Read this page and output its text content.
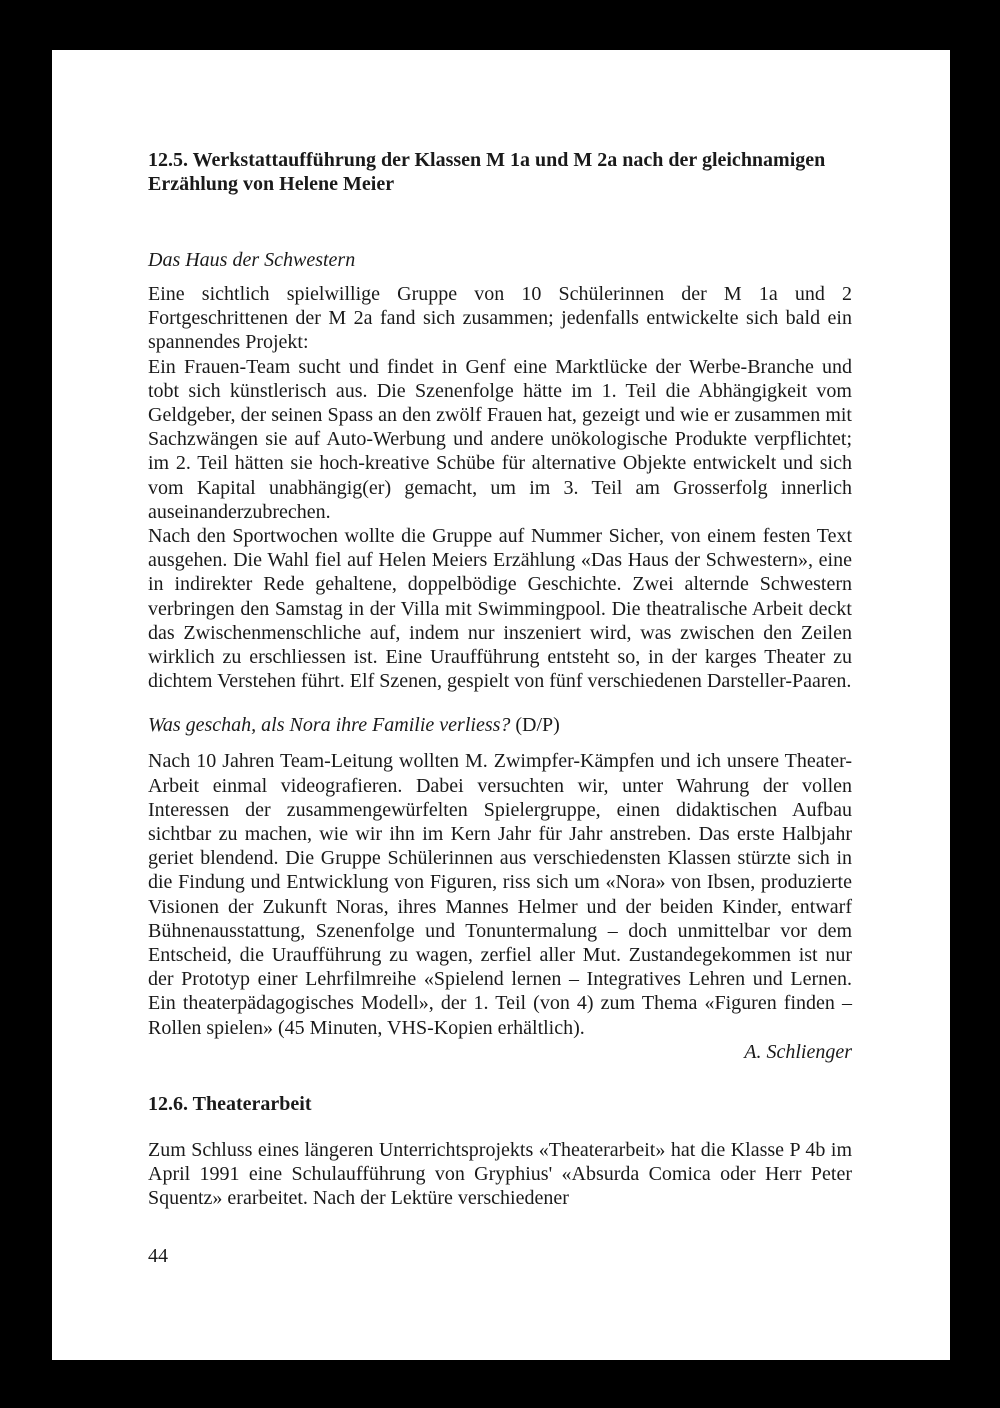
12.5. Werkstattaufführung der Klassen M 1a und M 2a nach der gleichnamigen Erzählung von Helene Meier

Das Haus der Schwestern

Eine sichtlich spielwillige Gruppe von 10 Schülerinnen der M 1a und 2 Fortgeschrittenen der M 2a fand sich zusammen; jedenfalls entwickelte sich bald ein spannendes Projekt:

Ein Frauen-Team sucht und findet in Genf eine Marktlücke der Werbe-Branche und tobt sich künstlerisch aus. Die Szenenfolge hätte im 1. Teil die Abhängigkeit vom Geldgeber, der seinen Spass an den zwölf Frauen hat, gezeigt und wie er zusammen mit Sachzwängen sie auf Auto-Werbung und andere unökologische Produkte verpflichtet; im 2. Teil hätten sie hoch-kreative Schübe für alternative Objekte entwickelt und sich vom Kapital unabhängig(er) gemacht, um im 3. Teil am Grosserfolg innerlich auseinanderzubrechen.

Nach den Sportwochen wollte die Gruppe auf Nummer Sicher, von einem festen Text ausgehen. Die Wahl fiel auf Helen Meiers Erzählung «Das Haus der Schwestern», eine in indirekter Rede gehaltene, doppelbödige Geschichte. Zwei alternde Schwestern verbringen den Samstag in der Villa mit Swimmingpool. Die theatralische Arbeit deckt das Zwischenmenschliche auf, indem nur inszeniert wird, was zwischen den Zeilen wirklich zu erschliessen ist. Eine Uraufführung entsteht so, in der karges Theater zu dichtem Verstehen führt. Elf Szenen, gespielt von fünf verschiedenen Darsteller-Paaren.

Was geschah, als Nora ihre Familie verliess? (D/P)

Nach 10 Jahren Team-Leitung wollten M. Zwimpfer-Kämpfen und ich unsere Theater-Arbeit einmal videografieren. Dabei versuchten wir, unter Wahrung der vollen Interessen der zusammengewürfelten Spielergruppe, einen didaktischen Aufbau sichtbar zu machen, wie wir ihn im Kern Jahr für Jahr anstreben. Das erste Halbjahr geriet blendend. Die Gruppe Schülerinnen aus verschiedensten Klassen stürzte sich in die Findung und Entwicklung von Figuren, riss sich um «Nora» von Ibsen, produzierte Visionen der Zukunft Noras, ihres Mannes Helmer und der beiden Kinder, entwarf Bühnenausstattung, Szenenfolge und Tonuntermalung – doch unmittelbar vor dem Entscheid, die Uraufführung zu wagen, zerfiel aller Mut. Zustandegekommen ist nur der Prototyp einer Lehrfilmreihe «Spielend lernen – Integratives Lehren und Lernen. Ein theaterpädagogisches Modell», der 1. Teil (von 4) zum Thema «Figuren finden – Rollen spielen» (45 Minuten, VHS-Kopien erhältlich).

A. Schlienger

12.6. Theaterarbeit

Zum Schluss eines längeren Unterrichtsprojekts «Theaterarbeit» hat die Klasse P 4b im April 1991 eine Schulaufführung von Gryphius' «Absurda Comica oder Herr Peter Squentz» erarbeitet. Nach der Lektüre verschiedener

44
